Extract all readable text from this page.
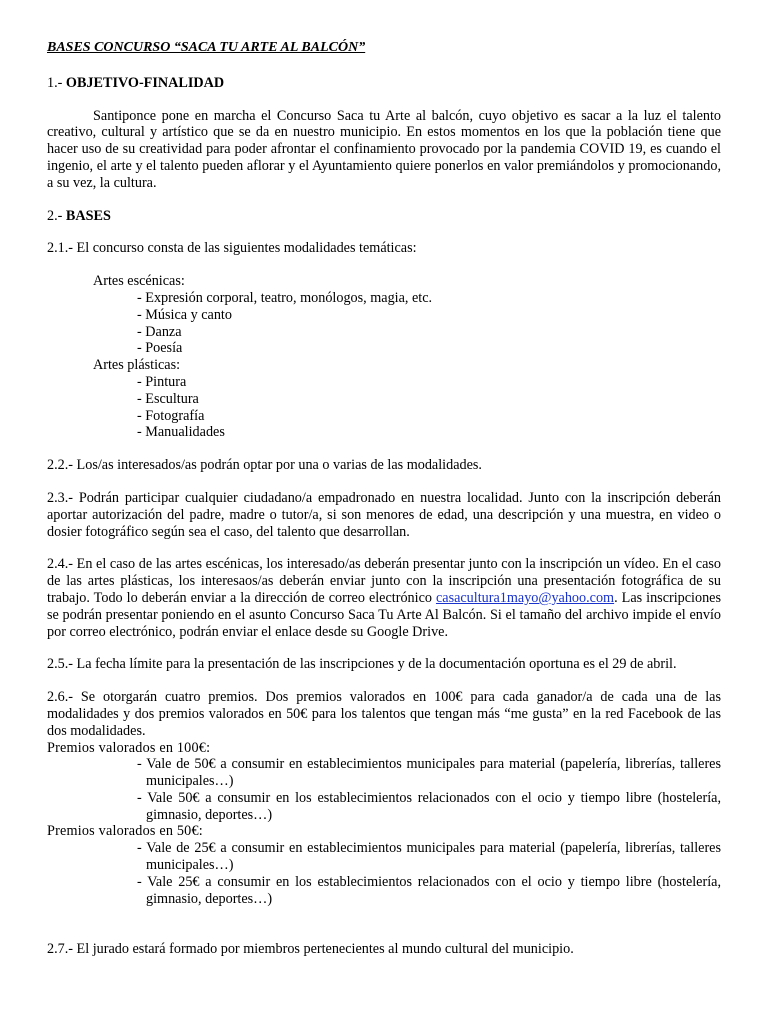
BASES CONCURSO “SACA TU ARTE AL BALCÓN”

1.- OBJETIVO-FINALIDAD

Santiponce pone en marcha el Concurso Saca tu Arte al balcón, cuyo objetivo es sacar a la luz el talento creativo, cultural y artístico que se da en nuestro municipio. En estos momentos en los que la población tiene que hacer uso de su creatividad para poder afrontar el confinamiento provocado por la pandemia COVID 19, es cuando el ingenio, el arte y el talento pueden aflorar y el Ayuntamiento quiere ponerlos en valor premiándolos y promocionando, a su vez, la cultura.

2.- BASES

2.1.- El concurso consta de las siguientes modalidades temáticas:

Artes escénicas:

- Expresión corporal, teatro, monólogos, magia, etc.

- Música y canto

- Danza

- Poesía

Artes plásticas:

- Pintura

- Escultura

- Fotografía

- Manualidades

2.2.- Los/as interesados/as podrán optar por una o varias de las modalidades.

2.3.- Podrán participar cualquier ciudadano/a empadronado en nuestra localidad. Junto con la inscripción deberán aportar autorización del padre, madre o tutor/a, si son menores de edad, una descripción y una muestra, en video o dosier fotográfico según sea el caso, del talento que desarrollan.

2.4.- En el caso de las artes escénicas, los interesado/as deberán presentar junto con la inscripción un vídeo. En el caso de las artes plásticas, los interesaos/as deberán enviar junto con la inscripción una presentación fotográfica de su trabajo. Todo lo deberán enviar a la dirección de correo electrónico casacultura1mayo@yahoo.com. Las inscripciones se podrán presentar poniendo en el asunto Concurso Saca Tu Arte Al Balcón. Si el tamaño del archivo impide el envío por correo electrónico, podrán enviar el enlace desde su Google Drive.

2.5.- La fecha límite para la presentación de las inscripciones y de la documentación oportuna es el 29 de abril.

2.6.- Se otorgarán cuatro premios. Dos premios valorados en 100€ para cada ganador/a de cada una de las modalidades y dos premios valorados en 50€ para los talentos que tengan más “me gusta” en la red Facebook de las dos modalidades.

Premios valorados en 100€:

- Vale de 50€ a consumir en establecimientos municipales para material (papelería, librerías, talleres municipales…)

- Vale 50€ a consumir en los establecimientos relacionados con el ocio y tiempo libre (hostelería, gimnasio, deportes…)

Premios valorados en 50€:

- Vale de 25€ a consumir en establecimientos municipales para material (papelería, librerías, talleres municipales…)

- Vale 25€ a consumir en los establecimientos relacionados con el ocio y tiempo libre (hostelería, gimnasio, deportes…)

2.7.- El jurado estará formado por miembros pertenecientes al mundo cultural del municipio.
